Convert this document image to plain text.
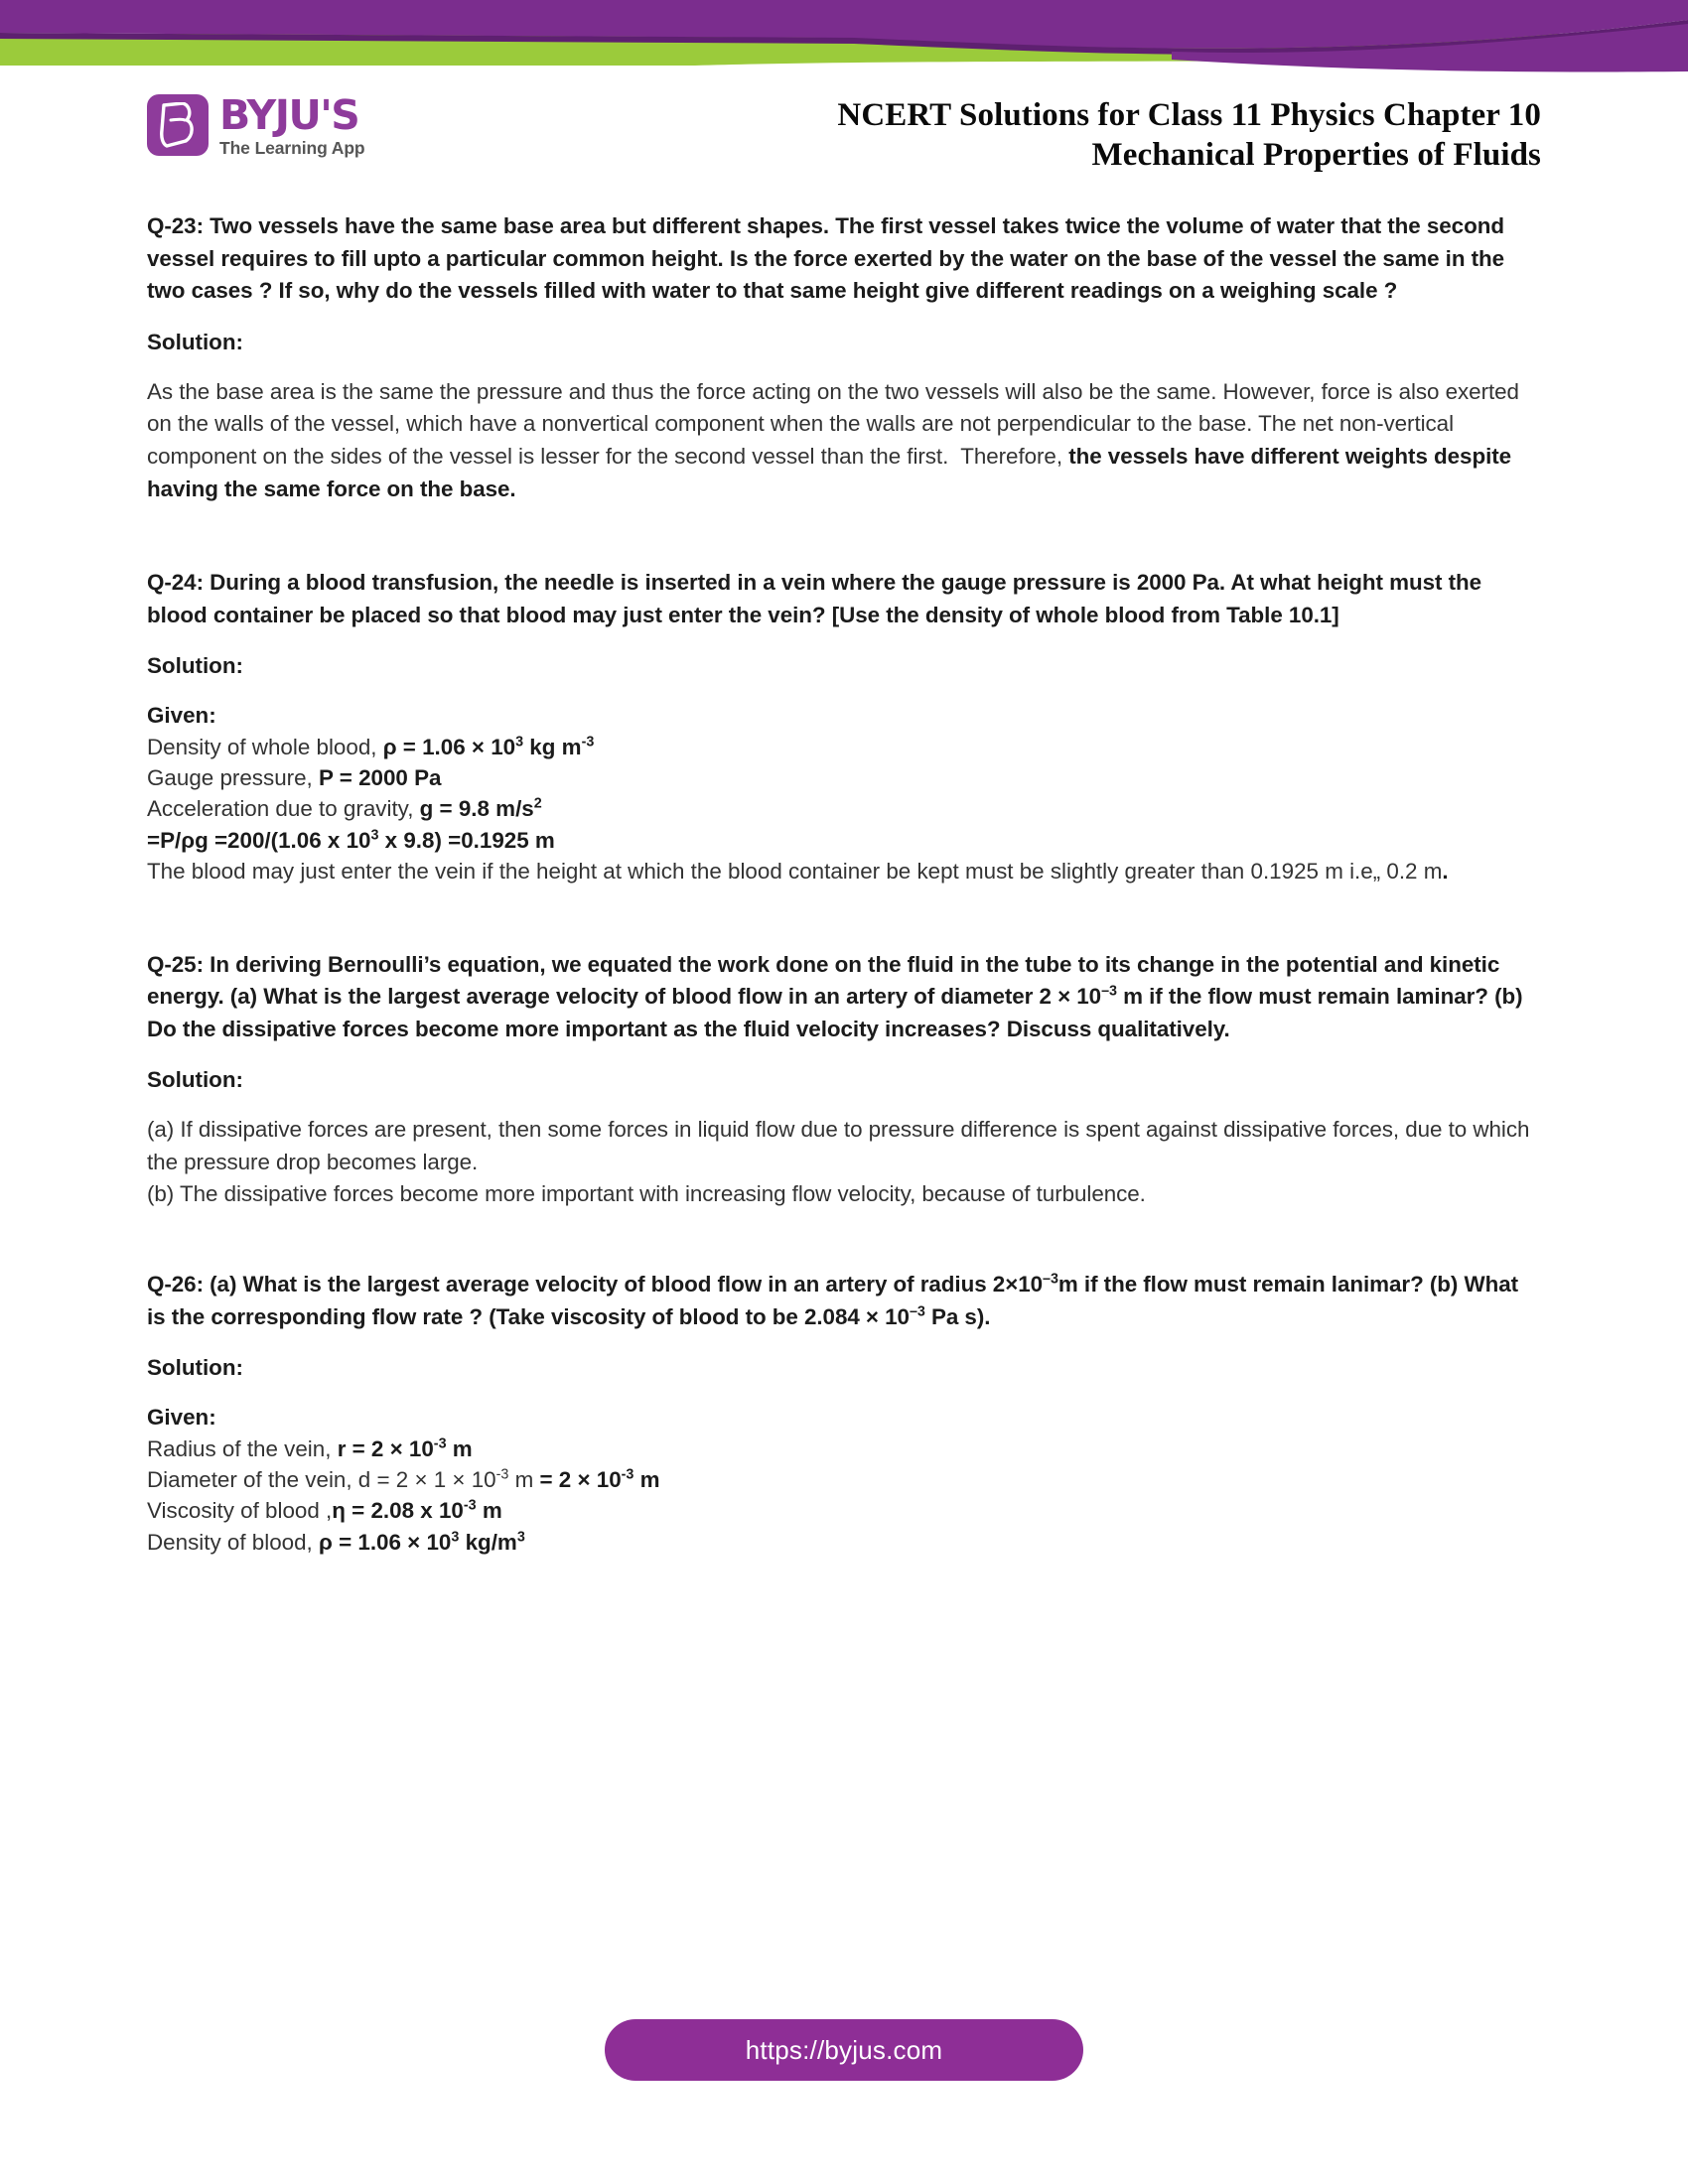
BYJU'S
The Learning App
NCERT Solutions for Class 11 Physics Chapter 10
Mechanical Properties of Fluids
Q-23: Two vessels have the same base area but different shapes. The first vessel takes twice the volume of water that the second vessel requires to fill upto a particular common height. Is the force exerted by the water on the base of the vessel the same in the two cases ? If so, why do the vessels filled with water to that same height give different readings on a weighing scale ?
Solution:
As the base area is the same the pressure and thus the force acting on the two vessels will also be the same. However, force is also exerted on the walls of the vessel, which have a nonvertical component when the walls are not perpendicular to the base. The net non-vertical component on the sides of the vessel is lesser for the second vessel than the first.  Therefore, the vessels have different weights despite having the same force on the base.
Q-24: During a blood transfusion, the needle is inserted in a vein where the gauge pressure is 2000 Pa. At what height must the blood container be placed so that blood may just enter the vein? [Use the density of whole blood from Table 10.1]
Solution:
Given:
Density of whole blood, $\rho = 1.06 \times 10^3$ kg $m^{-3}$
Gauge pressure, P = 2000 Pa
Acceleration due to gravity, g = 9.8 $m/s^2$
=P/ρg =200/(1.06 x $10^3$ x 9.8) =0.1925 m
The blood may just enter the vein if the height at which the blood container be kept must be slightly greater than 0.1925 m i.e„ 0.2 m.
Q-25: In deriving Bernoulli’s equation, we equated the work done on the fluid in the tube to its change in the potential and kinetic energy. (a) What is the largest average velocity of blood flow in an artery of diameter $2 \times 10^{-3}$ m if the flow must remain laminar? (b) Do the dissipative forces become more important as the fluid velocity increases? Discuss qualitatively.
Solution:
(a) If dissipative forces are present, then some forces in liquid flow due to pressure difference is spent against dissipative forces, due to which the pressure drop becomes large.
(b) The dissipative forces become more important with increasing flow velocity, because of turbulence.
Q-26: (a) What is the largest average velocity of blood flow in an artery of radius $2\times 10^{-3}m$ if the flow must remain lanimar? (b) What is the corresponding flow rate ? (Take viscosity of blood to be $2.084 \times 10^{-3}$ Pa s).
Solution:
Given:
Radius of the vein, $r = 2 \times 10^{-3}$ m
Diameter of the vein, $d = 2 \times 1 \times 10^{-3}$ $m = 2 \times 10^{-3}$ m
Viscosity of blood ,η = 2.08 x $10^{-3}$ m
Density of blood, $\rho = 1.06 \times 10^3$ $kg/m^3$
https://byjus.com
